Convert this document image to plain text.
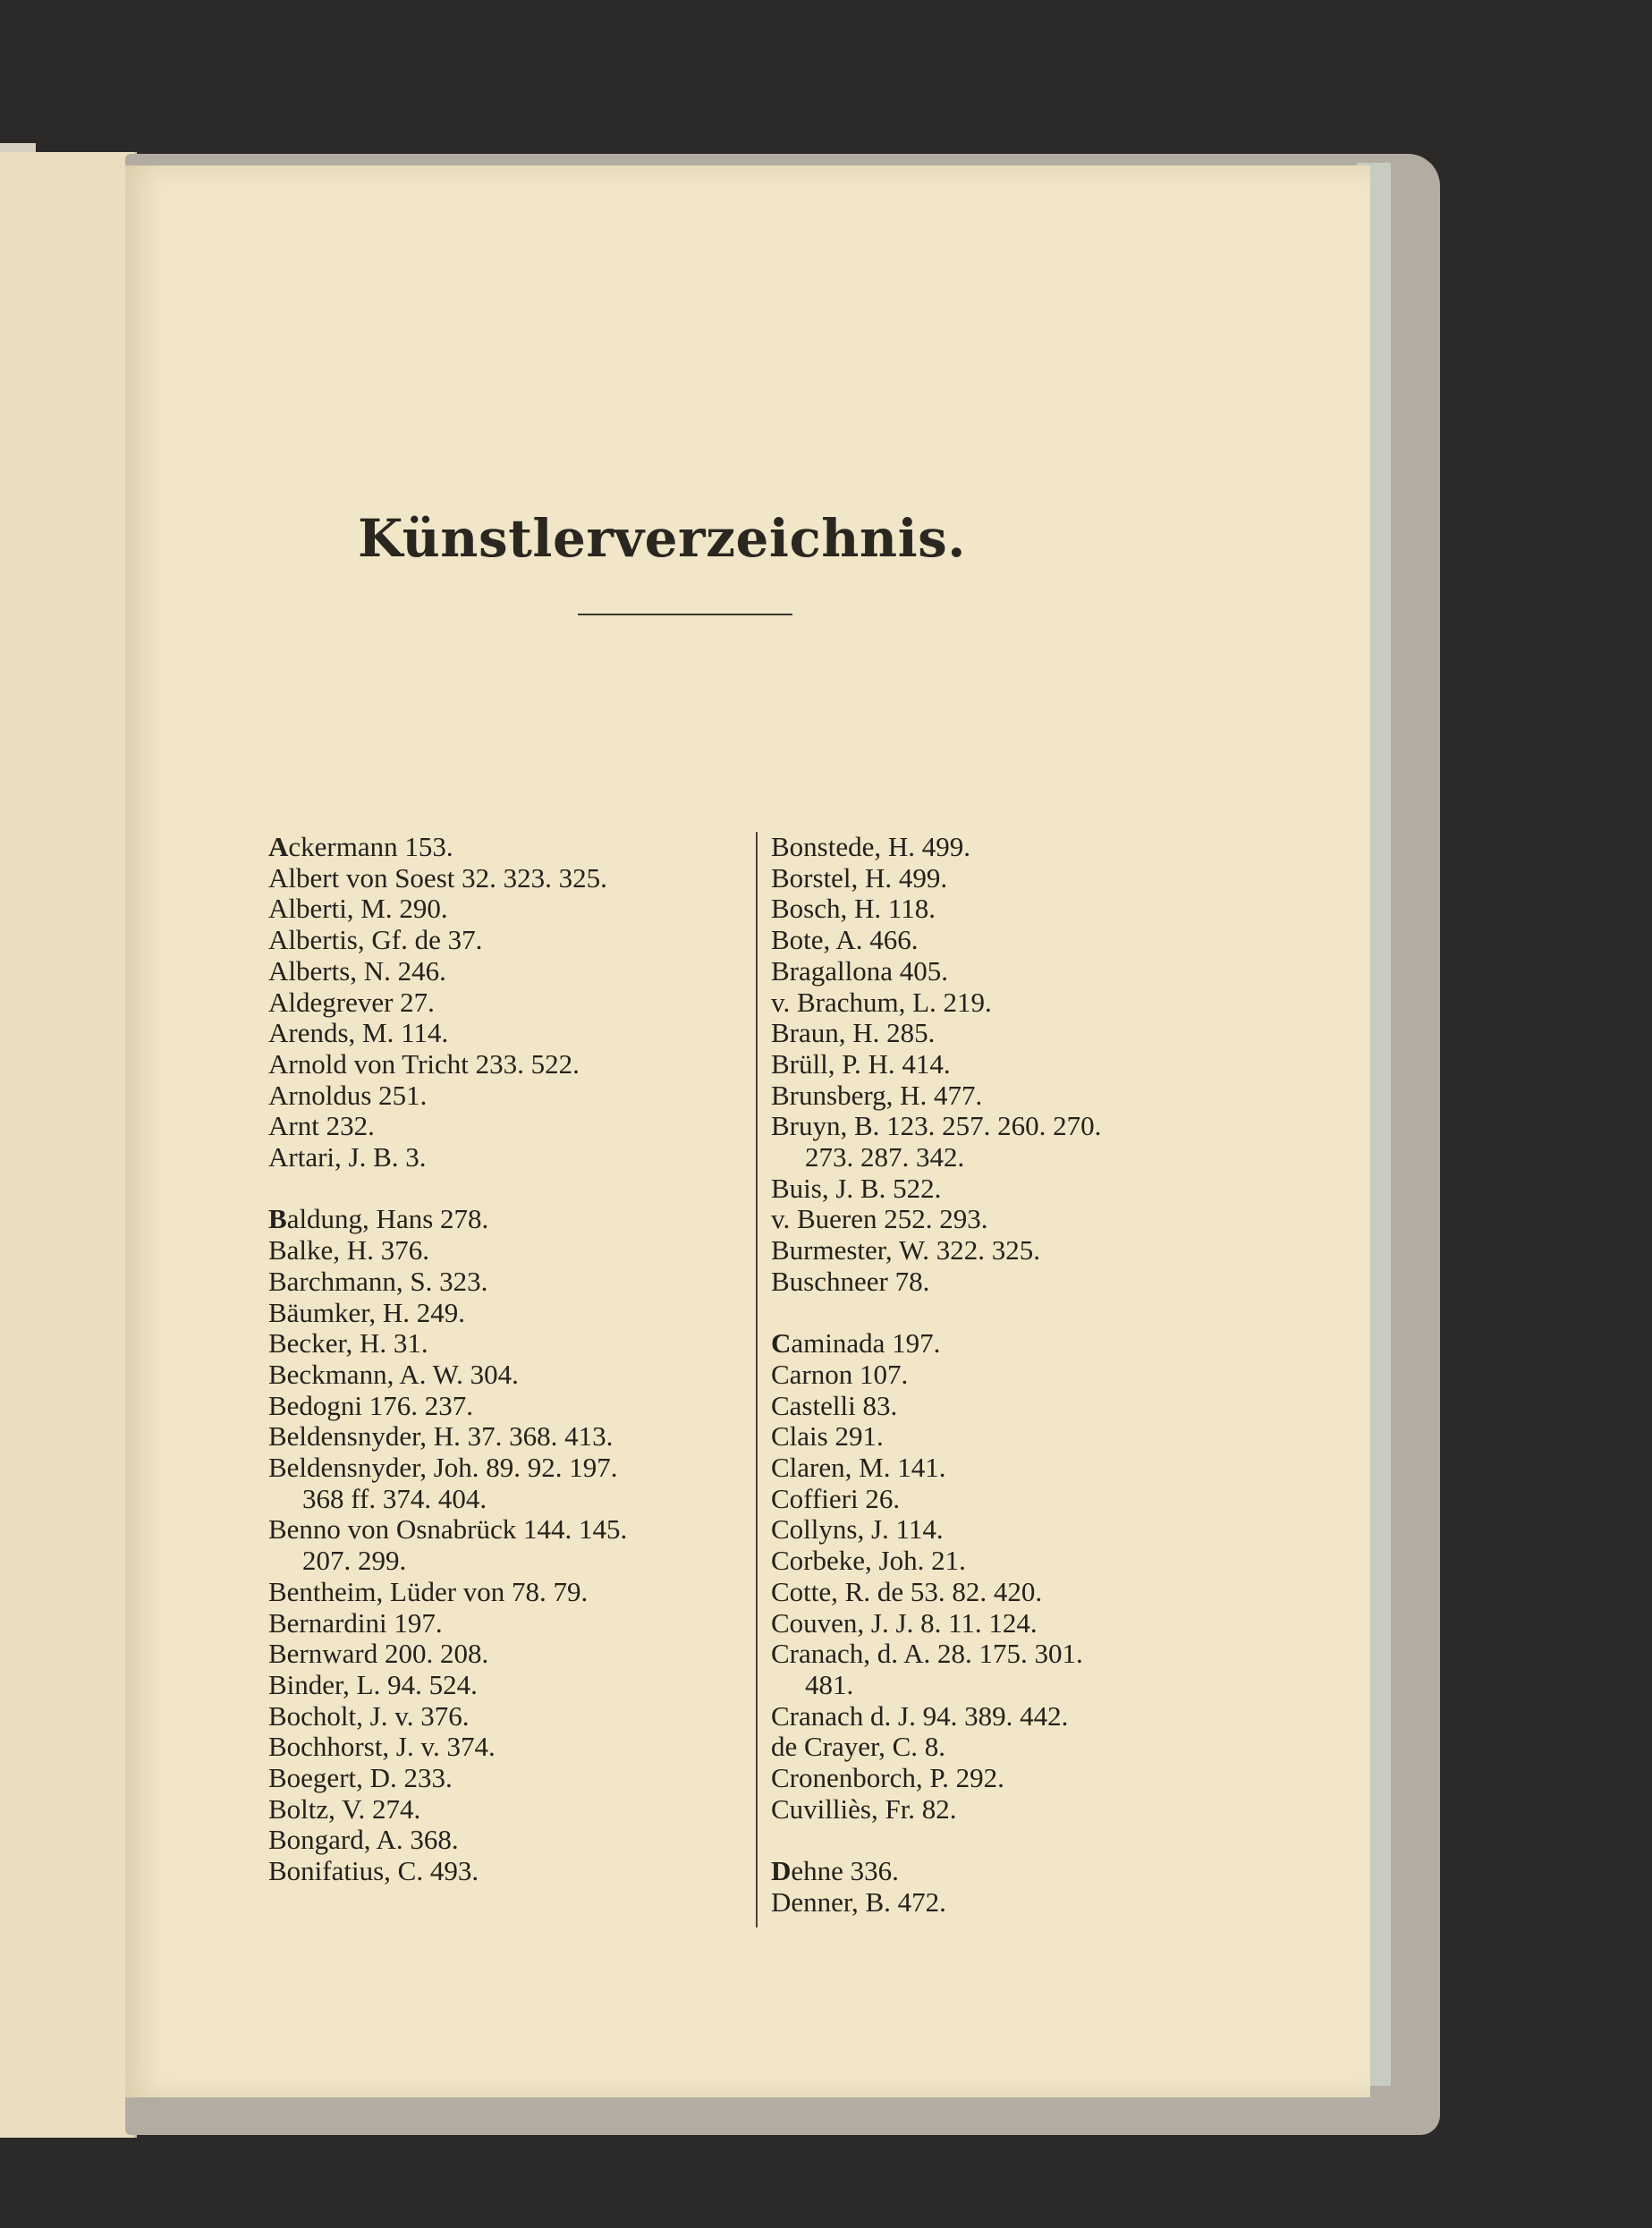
Künstlerverzeichnis.
Ackermann 153.
Albert von Soest 32. 323. 325.
Alberti, M. 290.
Albertis, Gf. de 37.
Alberts, N. 246.
Aldegrever 27.
Arends, M. 114.
Arnold von Tricht 233. 522.
Arnoldus 251.
Arnt 232.
Artari, J. B. 3.
Baldung, Hans 278.
Balke, H. 376.
Barchmann, S. 323.
Bäumker, H. 249.
Becker, H. 31.
Beckmann, A. W. 304.
Bedogni 176. 237.
Beldensnyder, H. 37. 368. 413.
Beldensnyder, Joh. 89. 92. 197.
368 ff. 374. 404.
Benno von Osnabrück 144. 145.
207. 299.
Bentheim, Lüder von 78. 79.
Bernardini 197.
Bernward 200. 208.
Binder, L. 94. 524.
Bocholt, J. v. 376.
Bochhorst, J. v. 374.
Boegert, D. 233.
Boltz, V. 274.
Bongard, A. 368.
Bonifatius, C. 493.
Bonstede, H. 499.
Borstel, H. 499.
Bosch, H. 118.
Bote, A. 466.
Bragallona 405.
v. Brachum, L. 219.
Braun, H. 285.
Brüll, P. H. 414.
Brunsberg, H. 477.
Bruyn, B. 123. 257. 260. 270.
273. 287. 342.
Buis, J. B. 522.
v. Bueren 252. 293.
Burmester, W. 322. 325.
Buschneer 78.
Caminada 197.
Carnon 107.
Castelli 83.
Clais 291.
Claren, M. 141.
Coffieri 26.
Collyns, J. 114.
Corbeke, Joh. 21.
Cotte, R. de 53. 82. 420.
Couven, J. J. 8. 11. 124.
Cranach, d. A. 28. 175. 301.
481.
Cranach d. J. 94. 389. 442.
de Crayer, C. 8.
Cronenborch, P. 292.
Cuvilliès, Fr. 82.
Dehne 336.
Denner, B. 472.
